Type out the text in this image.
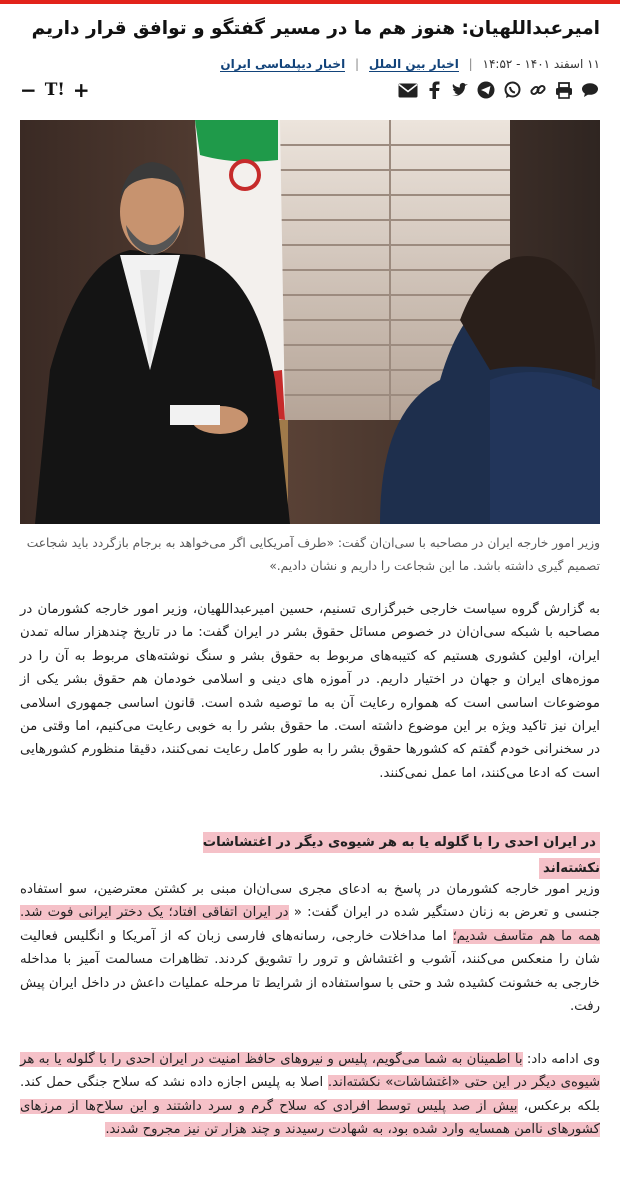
امیرعبداللهیان: هنوز هم ما در مسیر گفتگو و توافق قرار داریم
۱۱ اسفند ۱۴۰۱ - ۱۴:۵۲ | اخبار بین الملل | اخبار دیپلماسی ایران
− T! +
وزیر امور خارجه ایران در مصاحبه با سی‌ان‌ان گفت: «طرف آمریکایی اگر می‌خواهد به برجام بازگردد باید شجاعت تصمیم گیری داشته باشد. ما این شجاعت را داریم و نشان دادیم.»
به گزارش گروه سیاست خارجی خبرگزاری تسنیم، حسین امیرعبداللهیان، وزیر امور خارجه کشورمان در مصاحبه با شبکه سی‌ان‌ان در خصوص مسائل حقوق بشر در ایران گفت: ما در تاریخ چندهزار ساله تمدن ایران، اولین کشوری هستیم که کتیبه‌های مربوط به حقوق بشر و سنگ نوشته‌های مربوط به آن را در موزه‌های ایران و جهان در اختیار داریم. در آموزه های دینی و اسلامی خودمان هم حقوق بشر یکی از موضوعات اساسی است که همواره رعایت آن به ما توصیه شده است. قانون اساسی جمهوری اسلامی ایران نیز تاکید ویژه بر این موضوع داشته است. ما حقوق بشر را به خوبی رعایت می‌کنیم، اما وقتی من در سخنرانی خودم گفتم که کشورها حقوق بشر را به طور کامل رعایت نمی‌کنند، دقیقا منظورم کشورهایی است که ادعا می‌کنند، اما عمل نمی‌کنند.
در ایران احدی را با گلوله یا به هر شیوه‌ی دیگر در اغتشاشات نکشته‌اند
وزیر امور خارجه کشورمان در پاسخ به ادعای مجری سی‌ان‌ان مبنی بر کشتن معترضین، سو استفاده جنسی و تعرض به زنان دستگیر شده در ایران گفت: « در ایران اتفاقی افتاد؛ یک دختر ایرانی فوت شد. همه ما هم متاسف شدیم؛ اما مداخلات خارجی، رسانه‌های فارسی زبان که از آمریکا و انگلیس فعالیت شان را منعکس می‌کنند، آشوب و اغتشاش و ترور را تشویق کردند. تظاهرات مسالمت آمیز با مداخله خارجی به خشونت کشیده شد و حتی با سواستفاده از شرایط تا مرحله عملیات داعش در داخل ایران پیش رفت.
وی ادامه داد: با اطمینان به شما می‌گویم، پلیس و نیروهای حافظ امنیت در ایران احدی را با گلوله یا به هر شیوه‌ی دیگر در این حتی «اغتشاشات» نکشته‌اند. اصلا به پلیس اجازه داده نشد که سلاح جنگی حمل کند. بلکه برعکس، بیش از صد پلیس توسط افرادی که سلاح گرم و سرد داشتند و این سلاح‌ها از مرزهای کشورهای ناامن همسایه وارد شده بود، به شهادت رسیدند و چند هزار تن نیز مجروح شدند.
